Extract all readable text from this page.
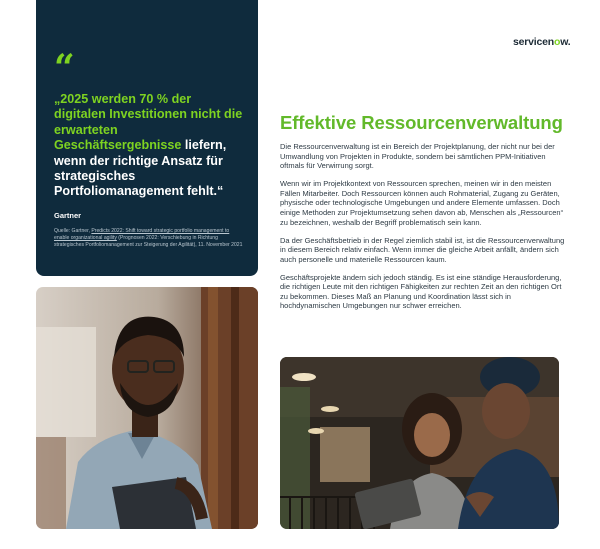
“
„2025 werden 70 % der digitalen Investitionen nicht die erwarteten Geschäftsergebnisse liefern, wenn der richtige Ansatz für strategisches Portfoliomanagement fehlt.“
Gartner
Quelle: Gartner, Predicts 2022: Shift toward strategic portfolio management to enable organizational agility (Prognosen 2022: Verschiebung in Richtung strategisches Portfoliomanagement zur Steigerung der Agilität), 11. November 2021
servicenow.
Effektive Ressourcenverwaltung

Die Ressourcenverwaltung ist ein Bereich der Projektplanung, der nicht nur bei der Umwandlung von Projekten in Produkte, sondern bei sämtlichen PPM-Initiativen oftmals für Verwirrung sorgt.

Wenn wir im Projektkontext von Ressourcen sprechen, meinen wir in den meisten Fällen Mitarbeiter. Doch Ressourcen können auch Rohmaterial, Zugang zu Geräten, physische oder technologische Umgebungen und andere Elemente umfassen. Doch einige Methoden zur Projektumsetzung sehen davon ab, Menschen als „Ressourcen“ zu bezeichnen, weshalb der Begriff problematisch sein kann.

Da der Geschäftsbetrieb in der Regel ziemlich stabil ist, ist die Ressourcenverwaltung in diesem Bereich relativ einfach. Wenn immer die gleiche Arbeit anfällt, ändern sich auch personelle und materielle Ressourcen kaum.

Geschäftsprojekte ändern sich jedoch ständig. Es ist eine ständige Herausforderung, die richtigen Leute mit den richtigen Fähigkeiten zur rechten Zeit an den richtigen Ort zu bekommen. Dieses Maß an Planung und Koordination lässt sich in hochdynamischen Umgebungen nur schwer erreichen.
